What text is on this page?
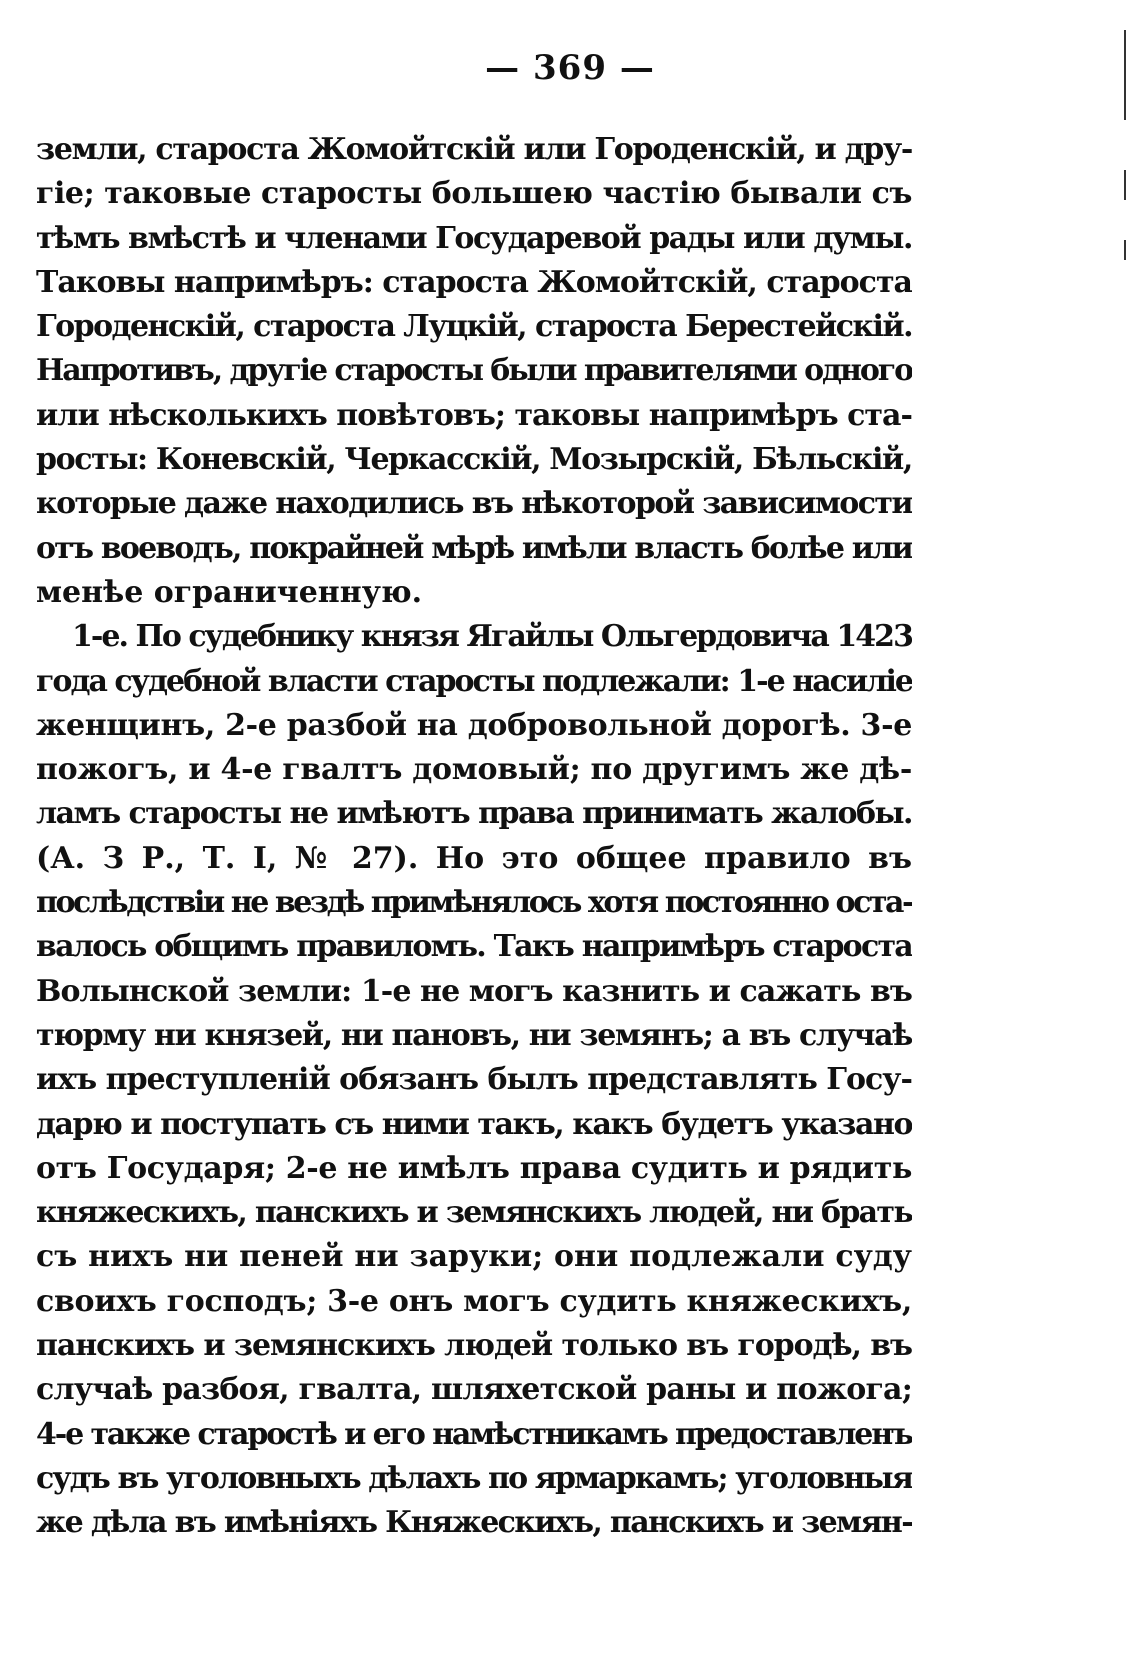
— 369 —
земли, староста Жомойтскій или Городенскій, и дру-
гіе; таковые старосты большею частію бывали съ
тѣмъ вмѣстѣ и членами Государевой рады или думы.
Таковы напримѣръ: староста Жомойтскій, староста
Городенскій, староста Луцкій, староста Берестейскій.
Напротивъ, другіе старосты были правителями одного
или нѣсколькихъ повѣтовъ; таковы напримѣръ ста-
росты: Коневскій, Черкасскій, Мозырскій, Бѣльскій,
которые даже находились въ нѣкоторой зависимости
отъ воеводъ, покрайней мѣрѣ имѣли власть болѣе или
менѣе ограниченную.
1-е. По судебнику князя Ягайлы Ольгердовича 1423
года судебной власти старосты подлежали: 1-е насиліе
женщинъ, 2-е разбой на добровольной дорогѣ. 3-е
пожогъ, и 4-е гвалтъ домовый; по другимъ же дѣ-
ламъ старосты не имѣютъ права принимать жалобы.
(А. З Р., Т. I, № 27). Но это общее правило въ
послѣдствіи не вездѣ примѣнялось хотя постоянно оста-
валось общимъ правиломъ. Такъ напримѣръ староста
Волынской земли: 1-е не могъ казнить и сажать въ
тюрму ни князей, ни пановъ, ни земянъ; а въ случаѣ
ихъ преступленій обязанъ былъ представлять Госу-
дарю и поступать съ ними такъ, какъ будетъ указано
отъ Государя; 2-е не имѣлъ права судить и рядить
княжескихъ, панскихъ и земянскихъ людей, ни брать
съ нихъ ни пеней ни заруки; они подлежали суду
своихъ господъ; 3-е онъ могъ судить княжескихъ,
панскихъ и земянскихъ людей только въ городѣ, въ
случаѣ разбоя, гвалта, шляхетской раны и пожога;
4-е также старостѣ и его намѣстникамъ предоставленъ
судъ въ уголовныхъ дѣлахъ по ярмаркамъ; уголовныя
же дѣла въ имѣніяхъ Княжескихъ, панскихъ и земян-
